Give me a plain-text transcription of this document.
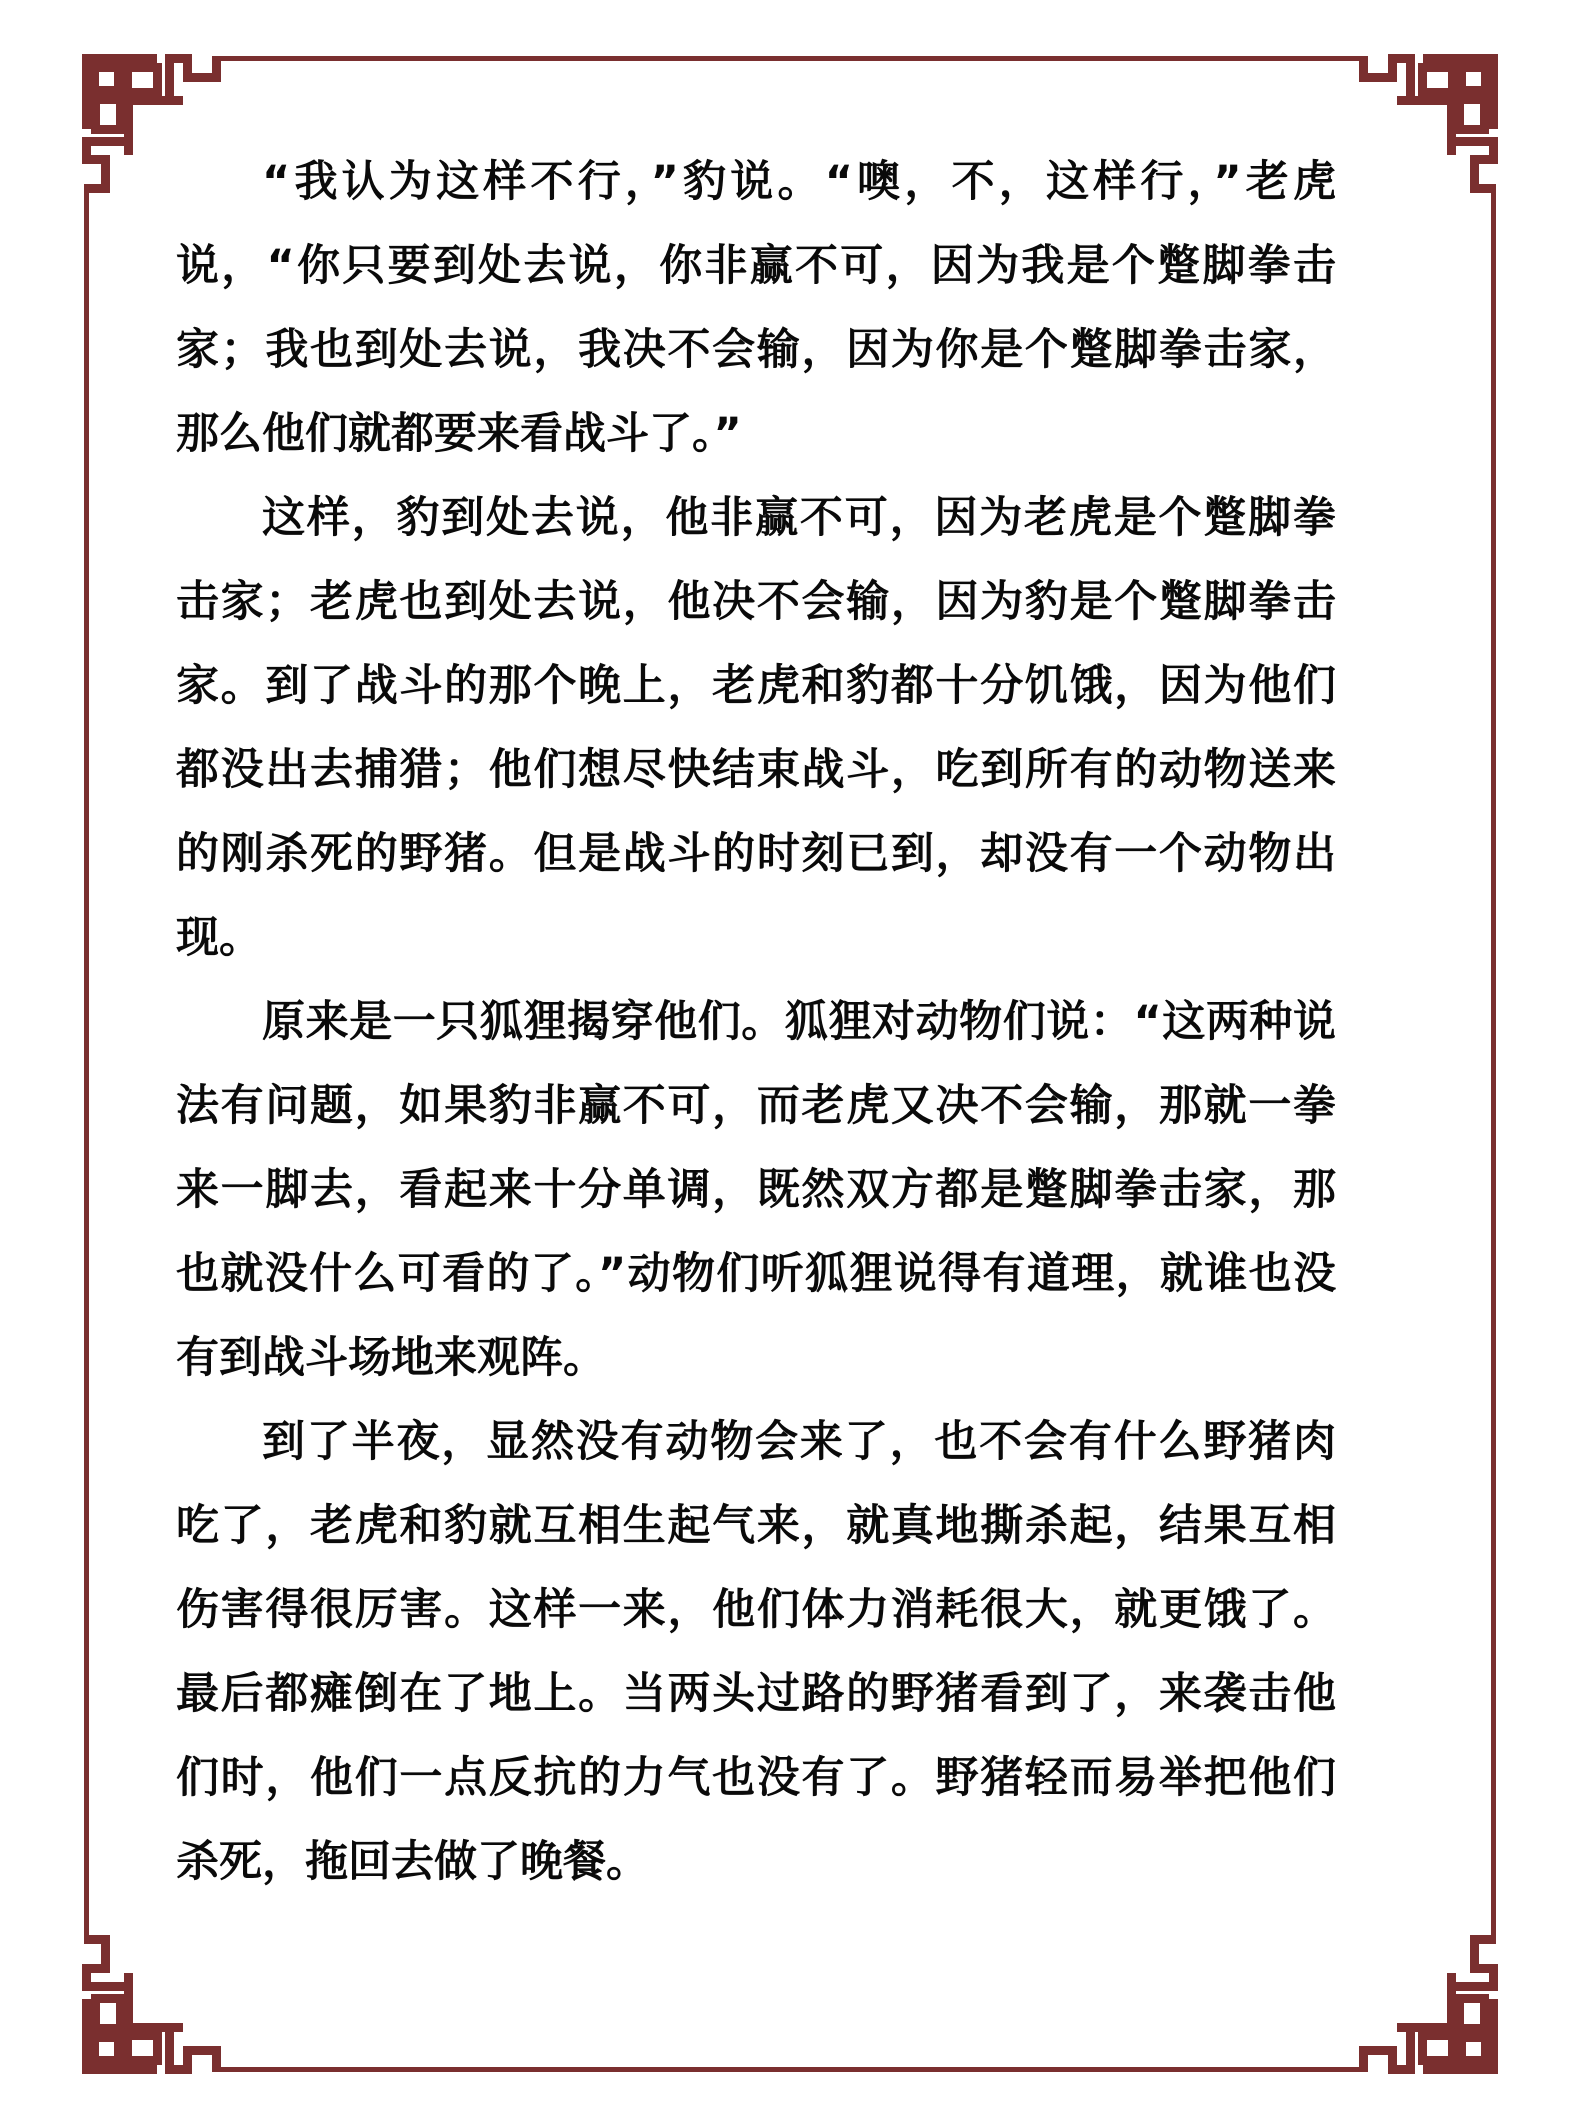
“我认为这样不行，”豹说。“噢，不，这样行，”老虎说，“你只要到处去说，你非赢不可，因为我是个蹩脚拳击家；我也到处去说，我决不会输，因为你是个蹩脚拳击家，那么他们就都要来看战斗了。”

这样，豹到处去说，他非赢不可，因为老虎是个蹩脚拳击家；老虎也到处去说，他决不会输，因为豹是个蹩脚拳击家。到了战斗的那个晚上，老虎和豹都十分饥饿，因为他们都没出去捕猎；他们想尽快结束战斗，吃到所有的动物送来的刚杀死的野猪。但是战斗的时刻已到，却没有一个动物出现。

原来是一只狐狸揭穿他们。狐狸对动物们说：“这两种说法有问题，如果豹非赢不可，而老虎又决不会输，那就一拳来一脚去，看起来十分单调，既然双方都是蹩脚拳击家，那也就没什么可看的了。”动物们听狐狸说得有道理，就谁也没有到战斗场地来观阵。

到了半夜，显然没有动物会来了，也不会有什么野猪肉吃了，老虎和豹就互相生起气来，就真地撕杀起，结果互相伤害得很厉害。这样一来，他们体力消耗很大，就更饿了。最后都瘫倒在了地上。当两头过路的野猪看到了，来袭击他们时，他们一点反抗的力气也没有了。野猪轻而易举把他们杀死，拖回去做了晚餐。
